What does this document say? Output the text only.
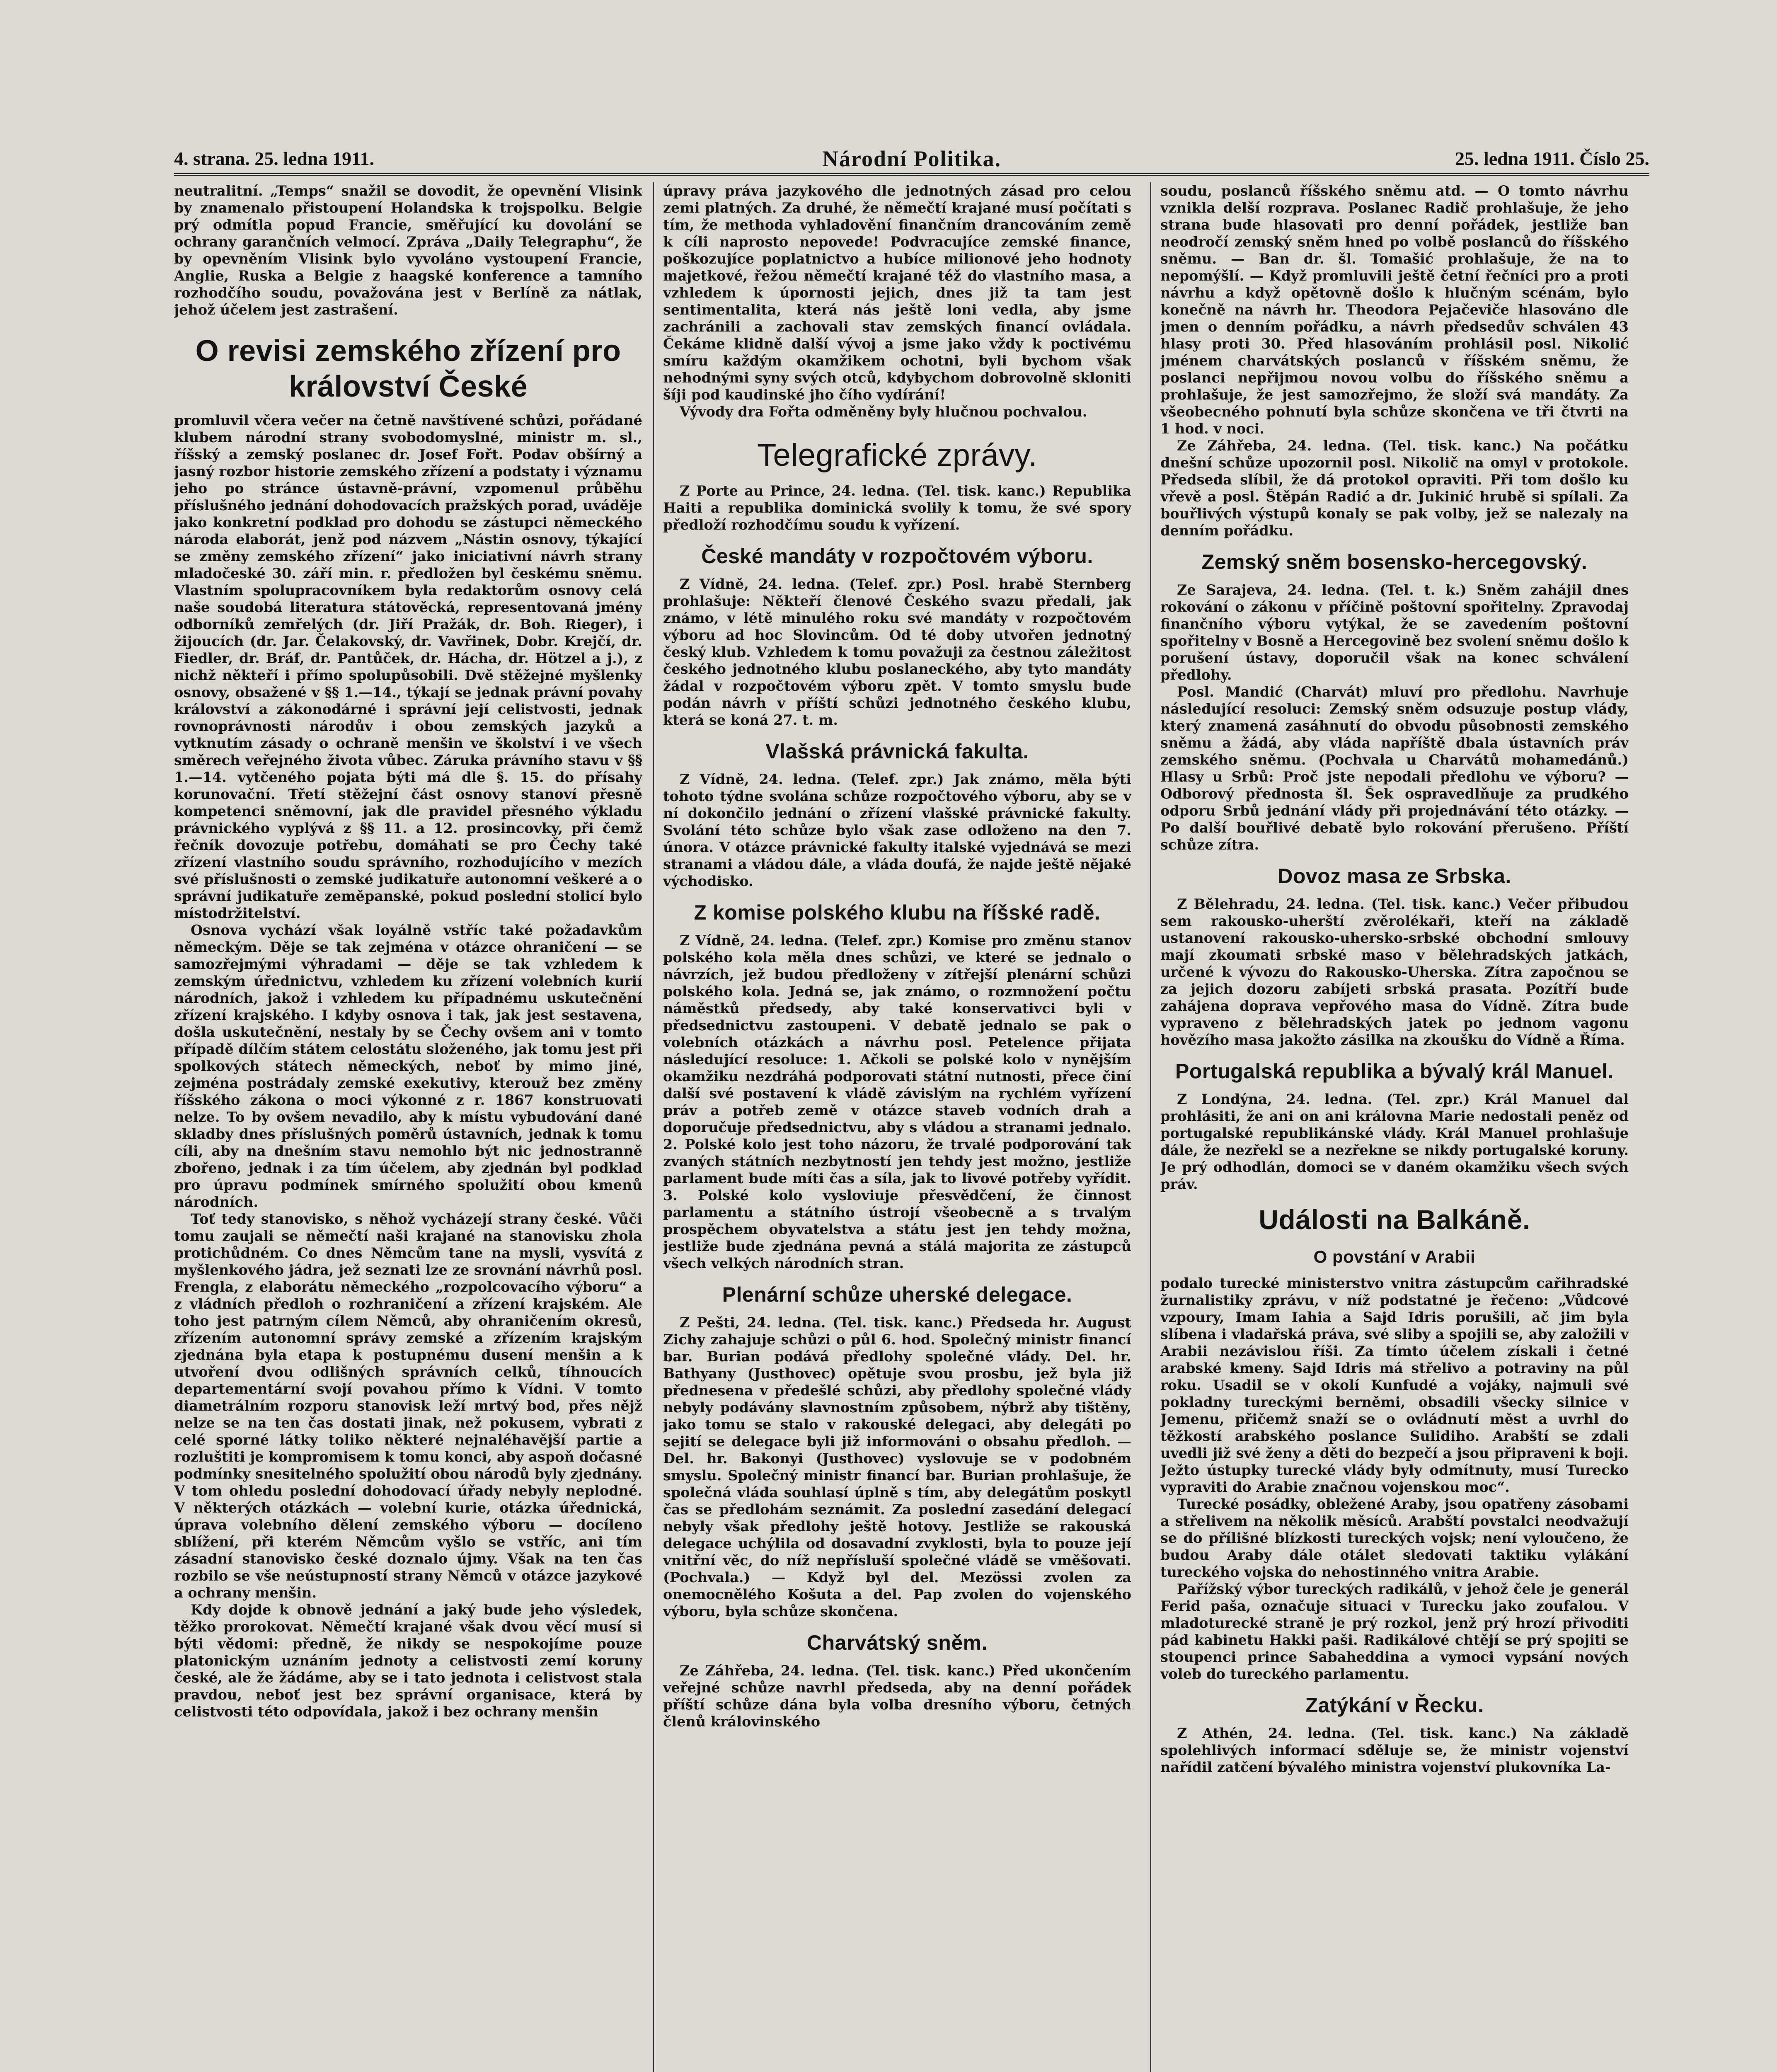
4. strana. 25. ledna 1911.	Národní Politika.	25. ledna 1911. Číslo 25.

neutralitní. „Temps“ snažil se dovodit, že opevnění Vlisink by znamenalo přistoupení Holandska k trojspolku. Belgie prý odmítla popud Francie, směřující ku dovolání se ochrany garančních velmocí. Zpráva „Daily Telegraphu“, že by opevněním Vlisink bylo vyvoláno vystoupení Francie, Anglie, Ruska a Belgie z haagské konference a tamního rozhodčího soudu, považována jest v Berlíně za nátlak, jehož účelem jest zastrašení.

O revisi zemského zřízení pro království České

promluvil včera večer na četně navštívené schůzi, pořádané klubem národní strany svobodomyslné, ministr m. sl., říšský a zemský poslanec dr. Josef Fořt. Podav obšírný a jasný rozbor historie zemského zřízení a podstaty i významu jeho po stránce ústavně-právní, vzpomenul průběhu příslušného jednání dohodovacích pražských porad, uváděje jako konkretní podklad pro dohodu se zástupci německého národa elaborát, jenž pod názvem „Nástin osnovy, týkající se změny zemského zřízení“ jako iniciativní návrh strany mladočeské 30. září min. r. předložen byl českému sněmu. Vlastním spolupracovníkem byla redaktorům osnovy celá naše soudobá literatura státověcká, representovaná jmény odborníků zemřelých (dr. Jiří Pražák, dr. Boh. Rieger), i žijoucích (dr. Jar. Čelakovský, dr. Vavřinek, Dobr. Krejčí, dr. Fiedler, dr. Bráf, dr. Pantůček, dr. Hácha, dr. Hötzel a j.), z nichž někteří i přímo spolupůsobili. Dvě stěžejné myšlenky osnovy, obsažené v §§ 1.—14., týkají se jednak právní povahy království a zákonodárné i správní její celistvosti, jednak rovnoprávnosti národův i obou zemských jazyků a vytknutím zásady o ochraně menšin ve školství i ve všech směrech veřejného života vůbec. Záruka právního stavu v §§ 1.—14. vytčeného pojata býti má dle §. 15. do přísahy korunovační. Třetí stěžejní část osnovy stanoví přesně kompetenci sněmovní, jak dle pravidel přesného výkladu právnického vyplývá z §§ 11. a 12. prosincovky, při čemž řečník dovozuje potřebu, domáhati se pro Čechy také zřízení vlastního soudu správního, rozhodujícího v mezích své příslušnosti o zemské judikatuře autonomní veškeré a o správní judikatuře zeměpanské, pokud poslední stolicí bylo místodržitelství.

Osnova vychází však loyálně vstříc také požadavkům německým. Děje se tak zejména v otázce ohraničení — se samozřejmými výhradami — děje se tak vzhledem k zemským úřednictvu, vzhledem ku zřízení volebních kurií národních, jakož i vzhledem ku případnému uskutečnění zřízení krajského. I kdyby osnova i tak, jak jest sestavena, došla uskutečnění, nestaly by se Čechy ovšem ani v tomto případě dílčím státem celostátu složeného, jak tomu jest při spolkových státech německých, neboť by mimo jiné, zejména postrádaly zemské exekutivy, kterouž bez změny říšského zákona o moci výkonné z r. 1867 konstruovati nelze. To by ovšem nevadilo, aby k místu vybudování dané skladby dnes příslušných poměrů ústavních, jednak k tomu cíli, aby na dnešním stavu nemohlo být nic jednostranně zbořeno, jednak i za tím účelem, aby zjednán byl podklad pro úpravu podmínek smírného spolužití obou kmenů národních.

Toť tedy stanovisko, s něhož vycházejí strany české. Vůči tomu zaujali se němečtí naši krajané na stanovisku zhola protichůdném. Co dnes Němcům tane na mysli, vysvítá z myšlenkového jádra, jež seznati lze ze srovnání návrhů posl. Frengla, z elaborátu německého „rozpolcovacího výboru“ a z vládních předloh o rozhraničení a zřízení krajském. Ale toho jest patrným cílem Němců, aby ohraničením okresů, zřízením autonomní správy zemské a zřízením krajským zjednána byla etapa k postupnému dusení menšin a k utvoření dvou odlišných správních celků, tíhnoucích departementární svojí povahou přímo k Vídni. V tomto diametrálním rozporu stanovisk leží mrtvý bod, přes nějž nelze se na ten čas dostati jinak, než pokusem, vybrati z celé sporné látky toliko některé nejnaléhavější partie a rozluštiti je kompromisem k tomu konci, aby aspoň dočasné podmínky snesitelného spolužití obou národů byly zjednány. V tom ohledu poslední dohodovací úřady nebyly neplodné. V některých otázkách — volební kurie, otázka úřednická, úprava volebního dělení zemského výboru — docíleno sblížení, při kterém Němcům vyšlo se vstříc, ani tím zásadní stanovisko české doznalo újmy. Však na ten čas rozbilo se vše neústupností strany Němců v otázce jazykové a ochrany menšin.

Kdy dojde k obnově jednání a jaký bude jeho výsledek, těžko prorokovat. Němečtí krajané však dvou věcí musí si býti vědomi: předně, že nikdy se nespokojíme pouze platonickým uznáním jednoty a celistvosti zemí koruny české, ale že žádáme, aby se i tato jednota i celistvost stala pravdou, neboť jest bez správní organisace, která by celistvosti této odpovídala, jakož i bez ochrany menšin

úpravy práva jazykového dle jednotných zásad pro celou zemi platných. Za druhé, že němečtí krajané musí počítati s tím, že methoda vyhladovění finančním drancováním země k cíli naprosto nepovede! Podvracujíce zemské finance, poškozujíce poplatnictvo a hubíce milionové jeho hodnoty majetkové, řežou němečtí krajané též do vlastního masa, a vzhledem k úpornosti jejich, dnes již ta tam jest sentimentalita, která nás ještě loni vedla, aby jsme zachránili a zachovali stav zemských financí ovládala. Čekáme klidně další vývoj a jsme jako vždy k poctivému smíru každým okamžikem ochotni, byli bychom však nehodnými syny svých otců, kdybychom dobrovolně skloniti šíji pod kaudinské jho čího vydírání!

Vývody dra Fořta odměněny byly hlučnou pochvalou.

Telegrafické zprávy.

Z Porte au Prince, 24. ledna. (Tel. tisk. kanc.) Republika Haiti a republika dominická svolily k tomu, že své spory předloží rozhodčímu soudu k vyřízení.

České mandáty v rozpočtovém výboru.

Z Vídně, 24. ledna. (Telef. zpr.) Posl. hrabě Sternberg prohlašuje: Někteří členové Českého svazu předali, jak známo, v létě minulého roku své mandáty v rozpočtovém výboru ad hoc Slovincům. Od té doby utvořen jednotný český klub. Vzhledem k tomu považuji za čestnou záležitost českého jednotného klubu poslaneckého, aby tyto mandáty žádal v rozpočtovém výboru zpět. V tomto smyslu bude podán návrh v příští schůzi jednotného českého klubu, která se koná 27. t. m.

Vlašská právnická fakulta.

Z Vídně, 24. ledna. (Telef. zpr.) Jak známo, měla býti tohoto týdne svolána schůze rozpočtového výboru, aby se v ní dokončilo jednání o zřízení vlašské právnické fakulty. Svolání této schůze bylo však zase odloženo na den 7. února. V otázce právnické fakulty italské vyjednává se mezi stranami a vládou dále, a vláda doufá, že najde ještě nějaké východisko.

Z komise polského klubu na říšské radě.

Z Vídně, 24. ledna. (Telef. zpr.) Komise pro změnu stanov polského kola měla dnes schůzi, ve které se jednalo o návrzích, jež budou předloženy v zítřejší plenární schůzi polského kola. Jedná se, jak známo, o rozmnožení počtu náměstků předsedy, aby také konservativci byli v předsednictvu zastoupeni. V debatě jednalo se pak o volebních otázkách a návrhu posl. Petelence přijata následující resoluce: 1. Ačkoli se polské kolo v nynějším okamžiku nezdráhá podporovati státní nutnosti, přece činí další své postavení k vládě závislým na rychlém vyřízení práv a potřeb země v otázce staveb vodních drah a doporučuje předsednictvu, aby s vládou a stranami jednalo. 2. Polské kolo jest toho názoru, že trvalé podporování tak zvaných státních nezbytností jen tehdy jest možno, jestliže parlament bude míti čas a síla, jak to livové potřeby vyřídit. 3. Polské kolo vysloviuje přesvědčení, že činnost parlamentu a státního ústrojí všeobecně a s trvalým prospěchem obyvatelstva a státu jest jen tehdy možna, jestliže bude zjednána pevná a stálá majorita ze zástupců všech velkých národních stran.

Plenární schůze uherské delegace.

Z Pešti, 24. ledna. (Tel. tisk. kanc.) Předseda hr. August Zichy zahajuje schůzi o půl 6. hod. Společný ministr financí bar. Burian podává předlohy společné vlády. Del. hr. Bathyany (Justhovec) opětuje svou prosbu, jež byla již přednesena v předešlé schůzi, aby předlohy společné vlády nebyly podávány slavnostním způsobem, nýbrž aby tištěny, jako tomu se stalo v rakouské delegaci, aby delegáti po sejití se delegace byli již informováni o obsahu předloh. — Del. hr. Bakonyi (Justhovec) vyslovuje se v podobném smyslu. Společný ministr financí bar. Burian prohlašuje, že společná vláda souhlasí úplně s tím, aby delegátům poskytl čas se předlohám seznámit. Za poslední zasedání delegací nebyly však předlohy ještě hotovy. Jestliže se rakouská delegace uchýlila od dosavadní zvyklosti, byla to pouze její vnitřní věc, do níž nepřísluší společné vládě se vměšovati. (Pochvala.) — Když byl del. Mezössi zvolen za onemocnělého Košuta a del. Pap zvolen do vojenského výboru, byla schůze skončena.

Charvátský sněm.

Ze Záhřeba, 24. ledna. (Tel. tisk. kanc.) Před ukončením veřejné schůze navrhl předseda, aby na denní pořádek příští schůze dána byla volba dresního výboru, četných členů královinského

soudu, poslanců říšského sněmu atd. — O tomto návrhu vznikla delší rozprava. Poslanec Radič prohlašuje, že jeho strana bude hlasovati pro denní pořádek, jestliže ban neodročí zemský sněm hned po volbě poslanců do říšského sněmu. — Ban dr. šl. Tomašić prohlašuje, že na to nepomýšlí. — Když promluvili ještě četní řečníci pro a proti návrhu a když opětovně došlo k hlučným scénám, bylo konečně na návrh hr. Theodora Pejačeviče hlasováno dle jmen o denním pořádku, a návrh předsedův schválen 43 hlasy proti 30. Před hlasováním prohlásil posl. Nikolić jménem charvátských poslanců v říšském sněmu, že poslanci nepřijmou novou volbu do říšského sněmu a prohlašuje, že jest samozřejmo, že složí svá mandáty. Za všeobecného pohnutí byla schůze skončena ve tři čtvrti na 1 hod. v noci.

Ze Záhřeba, 24. ledna. (Tel. tisk. kanc.) Na počátku dnešní schůze upozornil posl. Nikolič na omyl v protokole. Předseda slíbil, že dá protokol opraviti. Při tom došlo ku vřevě a posl. Štěpán Radić a dr. Jukinić hrubě si spílali. Za bouřlivých výstupů konaly se pak volby, jež se nalezaly na denním pořádku.

Zemský sněm bosensko-hercegovský.

Ze Sarajeva, 24. ledna. (Tel. t. k.) Sněm zahájil dnes rokování o zákonu v příčině poštovní spořitelny. Zpravodaj finančního výboru vytýkal, že se zavedením poštovní spořitelny v Bosně a Hercegovině bez svolení sněmu došlo k porušení ústavy, doporučil však na konec schválení předlohy.

Posl. Mandić (Charvát) mluví pro předlohu. Navrhuje následující resoluci: Zemský sněm odsuzuje postup vlády, který znamená zasáhnutí do obvodu působnosti zemského sněmu a žádá, aby vláda napříště dbala ústavních práv zemského sněmu. (Pochvala u Charvátů mohamedánů.) Hlasy u Srbů: Proč jste nepodali předlohu ve výboru? — Odborový přednosta šl. Šek ospravedlňuje za prudkého odporu Srbů jednání vlády při projednávání této otázky. — Po další bouřlivé debatě bylo rokování přerušeno. Příští schůze zítra.

Dovoz masa ze Srbska.

Z Bělehradu, 24. ledna. (Tel. tisk. kanc.) Večer přibudou sem rakousko-uherští zvěrolékaři, kteří na základě ustanovení rakousko-uhersko-srbské obchodní smlouvy mají zkoumati srbské maso v bělehradských jatkách, určené k vývozu do Rakousko-Uherska. Zítra započnou se za jejich dozoru zabíjeti srbská prasata. Pozítří bude zahájena doprava vepřového masa do Vídně. Zítra bude vypraveno z bělehradských jatek po jednom vagonu hovězího masa jakožto zásilka na zkoušku do Vídně a Říma.

Portugalská republika a bývalý král Manuel.

Z Londýna, 24. ledna. (Tel. zpr.) Král Manuel dal prohlásiti, že ani on ani královna Marie nedostali peněz od portugalské republikánské vlády. Král Manuel prohlašuje dále, že nezřekl se a nezřekne se nikdy portugalské koruny. Je prý odhodlán, domoci se v daném okamžiku všech svých práv.

Události na Balkáně.
O povstání v Arabii

podalo turecké ministerstvo vnitra zástupcům cařihradské žurnalistiky zprávu, v níž podstatné je řečeno: „Vůdcové vzpoury, Imam Iahia a Sajd Idris porušili, ač jim byla slíbena i vladařská práva, své sliby a spojili se, aby založili v Arabii nezávislou říši. Za tímto účelem získali i četné arabské kmeny. Sajd Idris má střelivo a potraviny na půl roku. Usadil se v okolí Kunfudé a vojáky, najmuli své pokladny tureckými berněmi, obsadili všecky silnice v Jemenu, přičemž snaží se o ovládnutí měst a uvrhl do těžkostí arabského poslance Sulidiho. Arabští se zdali uvedli již své ženy a děti do bezpečí a jsou připraveni k boji. Ježto ústupky turecké vlády byly odmítnuty, musí Turecko vypraviti do Arabie značnou vojenskou moc“.

Turecké posádky, obležené Araby, jsou opatřeny zásobami a střelivem na několik měsíců. Arabští povstalci neodvažují se do přílišné blízkosti tureckých vojsk; není vyloučeno, že budou Araby dále otálet sledovati taktiku vylákání tureckého vojska do nehostinného vnitra Arabie.

Pařížský výbor tureckých radikálů, v jehož čele je generál Ferid paša, označuje situaci v Turecku jako zoufalou. V mladoturecké straně je prý rozkol, jenž prý hrozí přivoditi pád kabinetu Hakki paši. Radikálové chtějí se prý spojiti se stoupenci prince Sabaheddina a vymoci vypsání nových voleb do tureckého parlamentu.

Zatýkání v Řecku.

Z Athén, 24. ledna. (Tel. tisk. kanc.) Na základě spolehlivých informací sděluje se, že ministr vojenství nařídil zatčení bývalého ministra vojenství plukovníka La-
